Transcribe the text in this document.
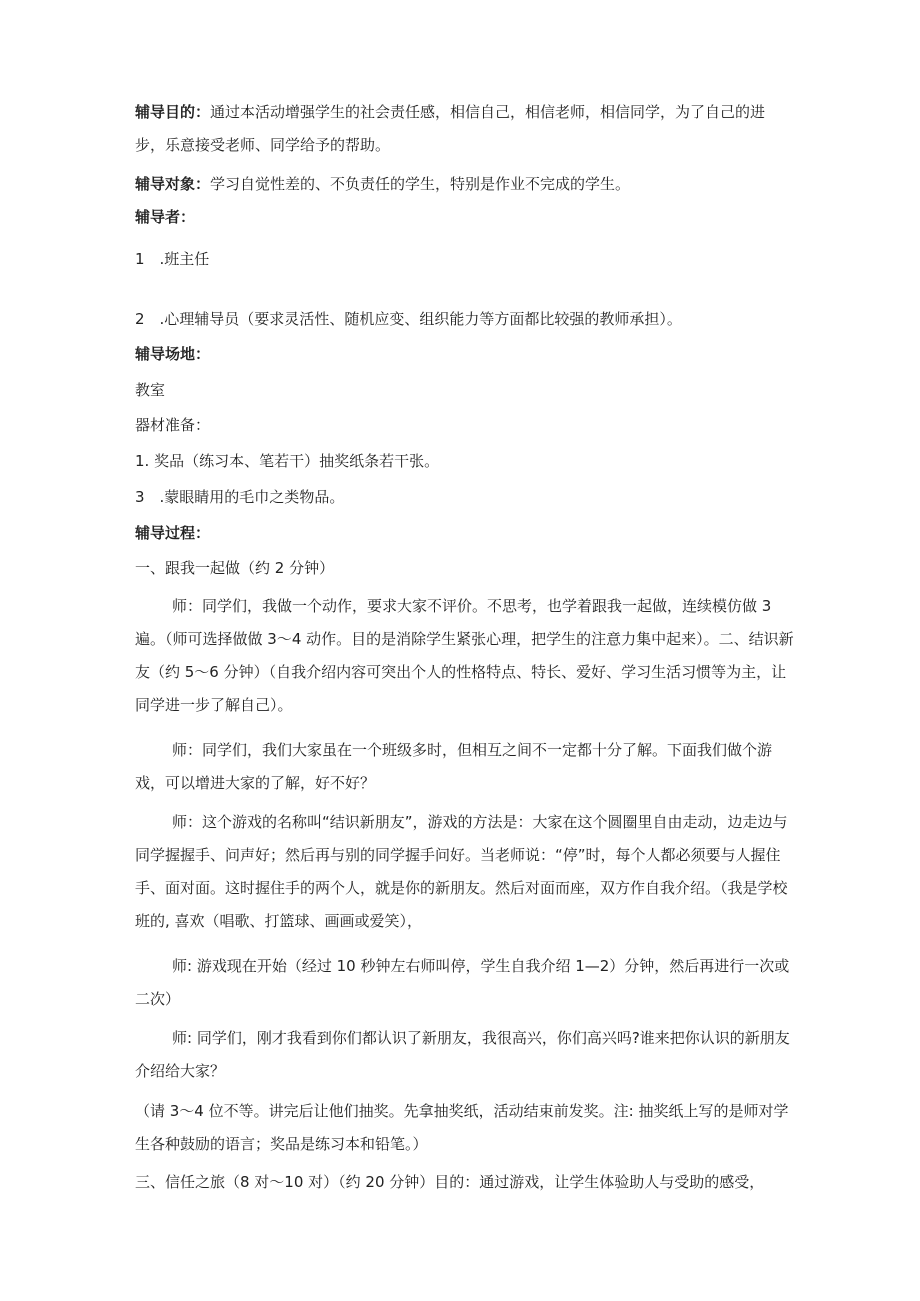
辅导目的：通过本活动增强学生的社会责任感，相信自己，相信老师，相信同学，为了自己的进步，乐意接受老师、同学给予的帮助。

辅导对象：学习自觉性差的、不负责任的学生，特别是作业不完成的学生。

辅导者：
1　.班主任
2　.心理辅导员（要求灵活性、随机应变、组织能力等方面都比较强的教师承担）。
辅导场地：
教室
器材准备：
1. 奖品（练习本、笔若干）抽奖纸条若干张。
3　.蒙眼睛用的毛巾之类物品。
辅导过程：
一、跟我一起做（约 2 分钟）

师：同学们，我做一个动作，要求大家不评价。不思考，也学着跟我一起做，连续模仿做 3 遍。（师可选择做做 3～4 动作。目的是消除学生紧张心理，把学生的注意力集中起来）。二、结识新友（约 5～6 分钟）（自我介绍内容可突出个人的性格特点、特长、爱好、学习生活习惯等为主，让同学进一步了解自己）。

师：同学们，我们大家虽在一个班级多时，但相互之间不一定都十分了解。下面我们做个游戏，可以增进大家的了解，好不好？

师：这个游戏的名称叫“结识新朋友”，游戏的方法是：大家在这个圆圈里自由走动，边走边与同学握握手、问声好；然后再与别的同学握手问好。当老师说：“停”时，每个人都必须要与人握住手、面对面。这时握住手的两个人，就是你的新朋友。然后对面而座，双方作自我介绍。（我是学校班的, 喜欢（唱歌、打篮球、画画或爱笑），

师: 游戏现在开始（经过 10 秒钟左右师叫停，学生自我介绍 1—2）分钟，然后再进行一次或二次）

师: 同学们，刚才我看到你们都认识了新朋友，我很高兴，你们高兴吗?谁来把你认识的新朋友介绍给大家？

（请 3～4 位不等。讲完后让他们抽奖。先拿抽奖纸，活动结束前发奖。注: 抽奖纸上写的是师对学生各种鼓励的语言；奖品是练习本和铅笔。）

三、信任之旅（8 对～10 对）（约 20 分钟）目的：通过游戏，让学生体验助人与受助的感受，
